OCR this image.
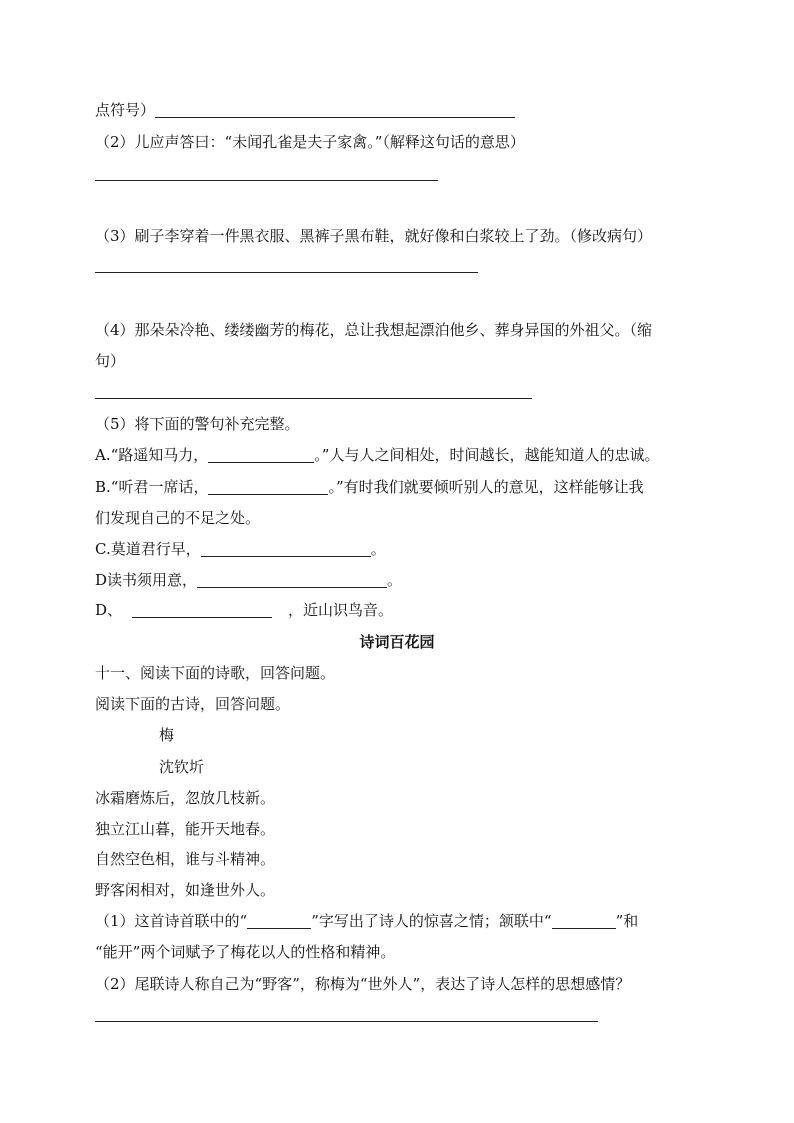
点符号）
（2）儿应声答曰：“未闻孔雀是夫子家禽。”（解释这句话的意思）
（3）刷子李穿着一件黑衣服、黑裤子黑布鞋，就好像和白浆较上了劲。（修改病句）
（4）那朵朵冷艳、缕缕幽芳的梅花，总让我想起漂泊他乡、葬身异国的外祖父。（缩
句）
（5）将下面的警句补充完整。
A.“路遥知马力，	。”人与人之间相处，时间越长，越能知道人的忠诚。
B.“听君一席话，	。”有时我们就要倾听别人的意见，这样能够让我
们发现自己的不足之处。
C.莫道君行早，	。
D读书须用意，	。
D、	，近山识鸟音。
诗词百花园
十一、阅读下面的诗歌，回答问题。
阅读下面的古诗，回答问题。
梅
沈钦圻
冰霜磨炼后，忽放几枝新。
独立江山暮，能开天地春。
自然空色相，谁与斗精神。
野客闲相对，如逢世外人。
（1）这首诗首联中的“	”字写出了诗人的惊喜之情；颔联中“	”和
“能开”两个词赋予了梅花以人的性格和精神。
（2）尾联诗人称自己为“野客”，称梅为“世外人”，表达了诗人怎样的思想感情？
